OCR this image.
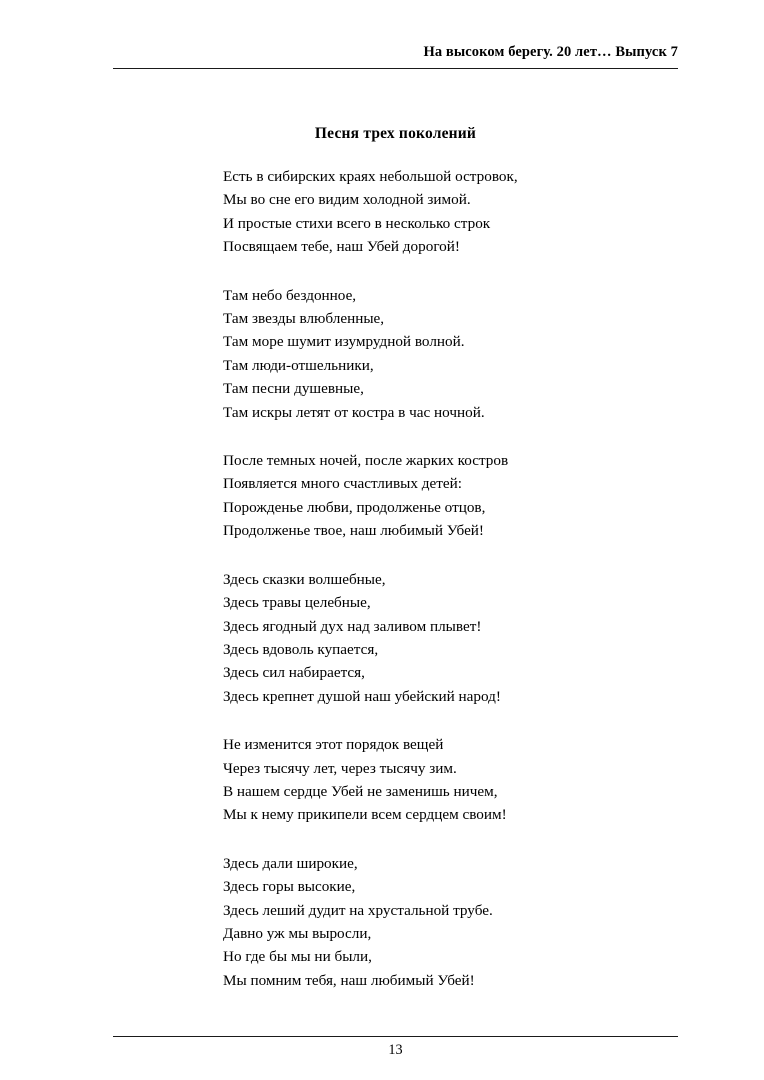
На высоком берегу. 20 лет… Выпуск 7
Песня трех поколений
Есть в сибирских краях небольшой островок,
Мы во сне его видим холодной зимой.
И простые стихи всего в несколько строк
Посвящаем тебе, наш Убей дорогой!
Там небо бездонное,
Там звезды влюбленные,
Там море шумит изумрудной волной.
Там люди-отшельники,
Там песни душевные,
Там искры летят от костра в час ночной.
После темных ночей, после жарких костров
Появляется много счастливых детей:
Порожденье любви, продолженье отцов,
Продолженье твое, наш любимый Убей!
Здесь сказки волшебные,
Здесь травы целебные,
Здесь ягодный дух над заливом плывет!
Здесь вдоволь купается,
Здесь сил набирается,
Здесь крепнет душой наш убейский народ!
Не изменится этот порядок вещей
Через тысячу лет, через тысячу зим.
В нашем сердце Убей не заменишь ничем,
Мы к нему прикипели всем сердцем своим!
Здесь дали широкие,
Здесь горы высокие,
Здесь леший дудит на хрустальной трубе.
Давно уж мы выросли,
Но где бы мы ни были,
Мы помним тебя, наш любимый Убей!
13
